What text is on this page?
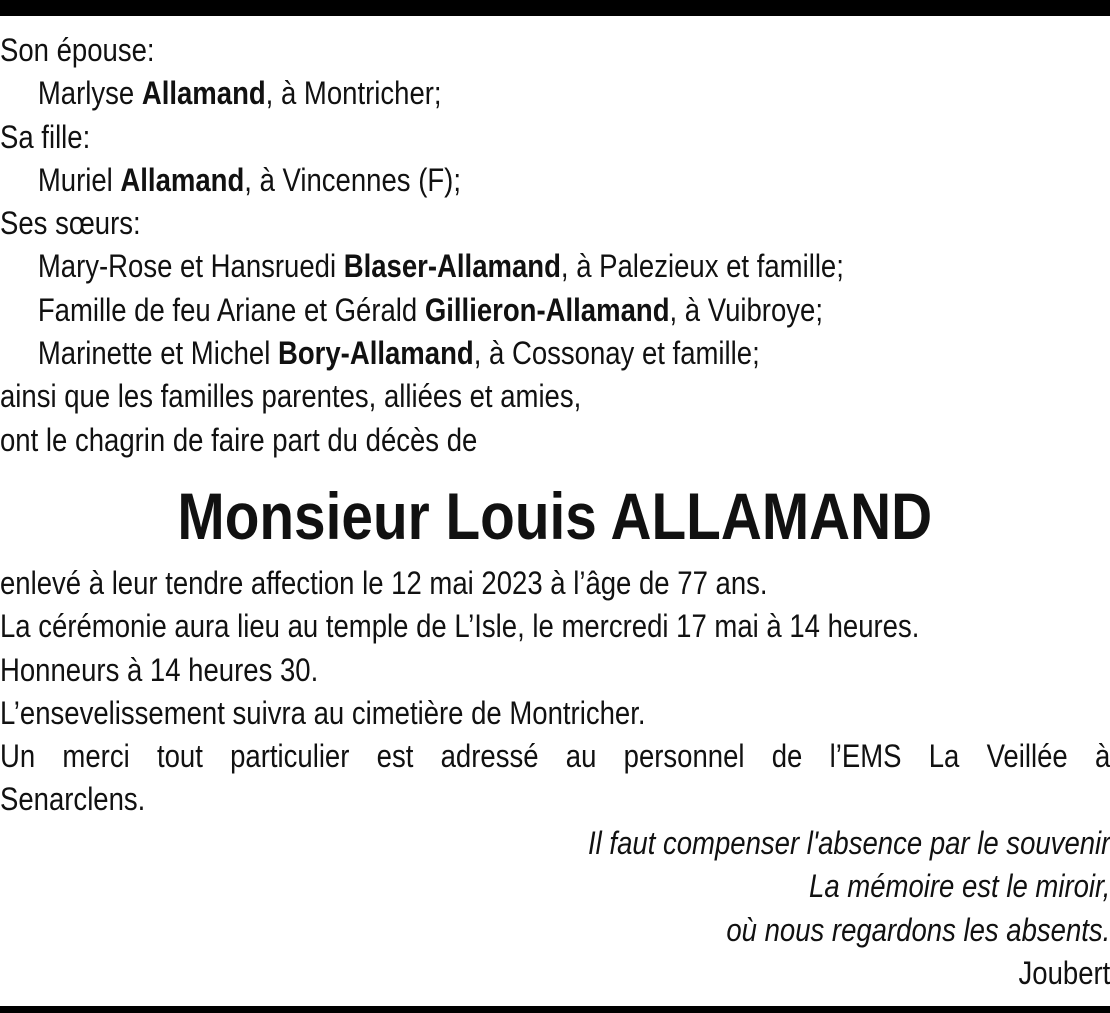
Son épouse:
Marlyse Allamand, à Montricher;
Sa fille:
Muriel Allamand, à Vincennes (F);
Ses sœurs:
Mary-Rose et Hansruedi Blaser-Allamand, à Palezieux et famille;
Famille de feu Ariane et Gérald Gillieron-Allamand, à Vuibroye;
Marinette et Michel Bory-Allamand, à Cossonay et famille;
ainsi que les familles parentes, alliées et amies,
ont le chagrin de faire part du décès de
Monsieur Louis ALLAMAND
enlevé à leur tendre affection le 12 mai 2023 à l’âge de 77 ans.
La cérémonie aura lieu au temple de L’Isle, le mercredi 17 mai à 14 heures.
Honneurs à 14 heures 30.
L’ensevelissement suivra au cimetière de Montricher.
Un merci tout particulier est adressé au personnel de l’EMS La Veillée à
Senarclens.
Il faut compenser l'absence par le souvenir
La mémoire est le miroir,
où nous regardons les absents.
Joubert
